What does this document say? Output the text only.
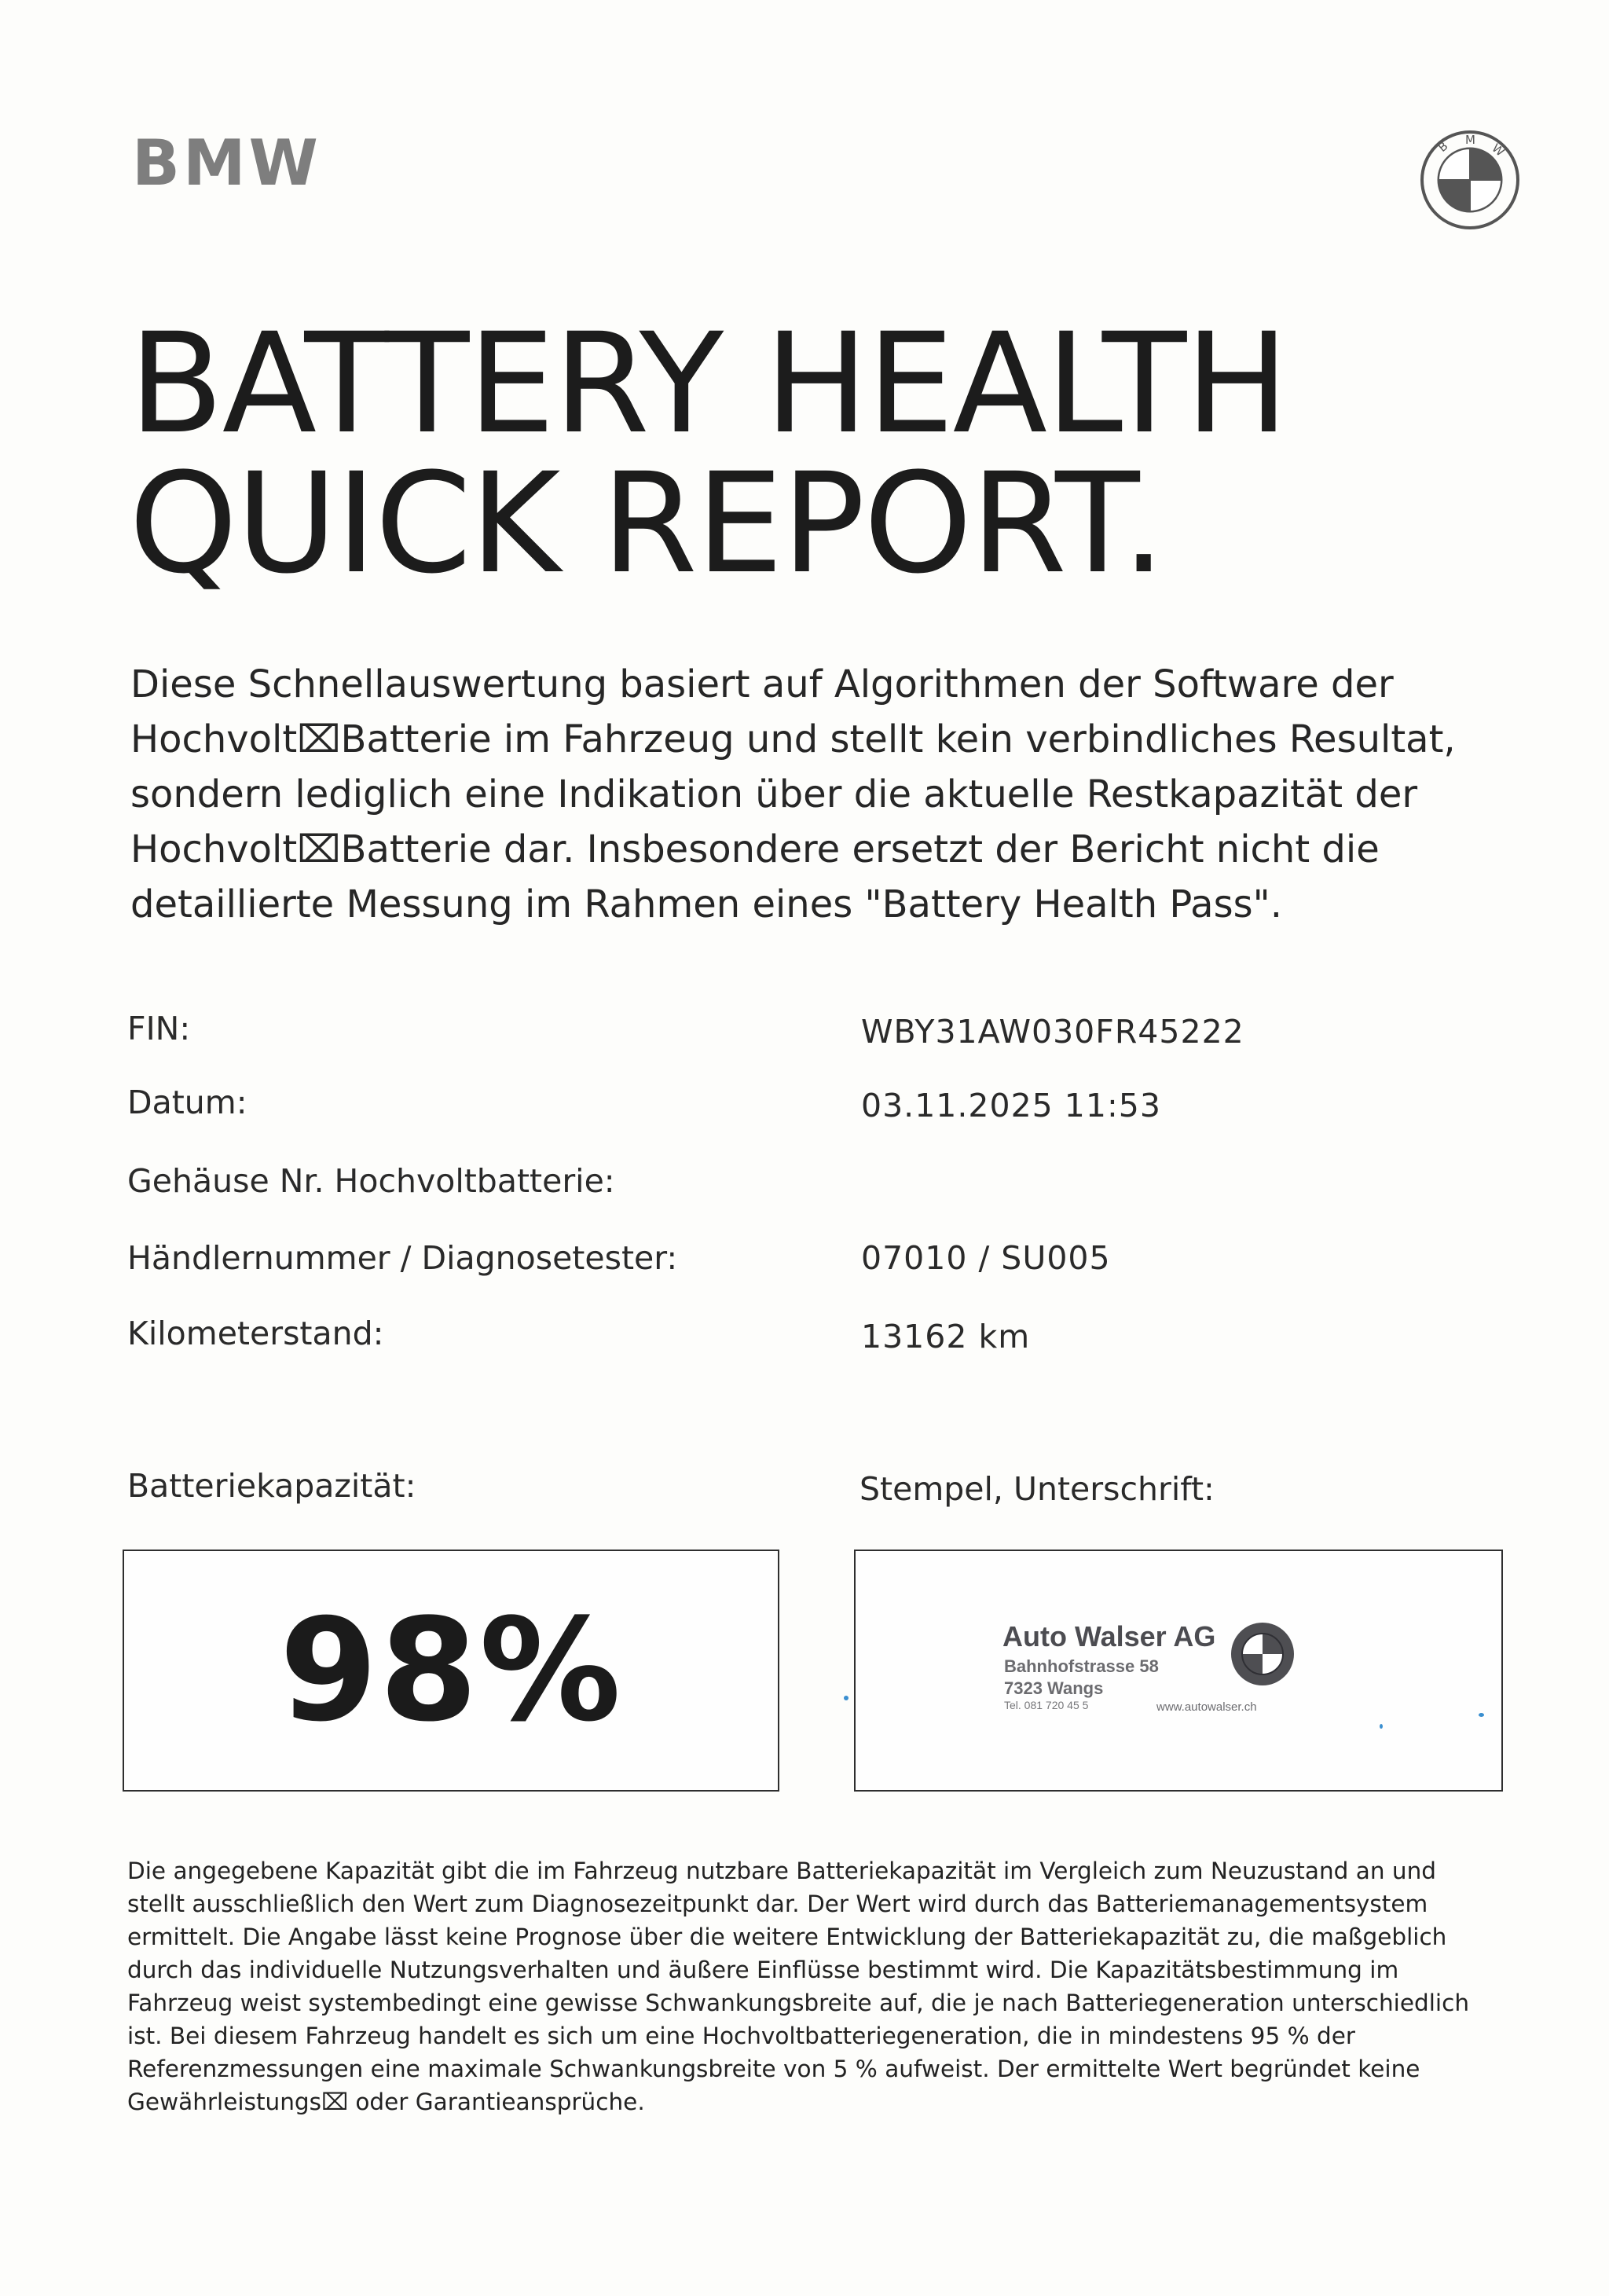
BMW	B M
W
BATTERY HEALTH
QUICK REPORT.

Diese Schnellauswertung basiert auf Algorithmen der Software der Hochvolt⌧Batterie im Fahrzeug und stellt kein verbindliches Resultat, sondern lediglich eine Indikation über die aktuelle Restkapazität der Hochvolt⌧Batterie dar. Insbesondere ersetzt der Bericht nicht die detaillierte Messung im Rahmen eines "Battery Health Pass".

FIN:	WBY31AW030FR45222
Datum:	03.11.2025 11:53
Gehäuse Nr. Hochvoltbatterie:
Händlernummer / Diagnosetester:	07010 / SU005
Kilometerstand:	13162 km
Batteriekapazität:	Stempel, Unterschrift:
98%	Auto Walser AG
Bahnhofstrasse 58
7323 Wangs
Tel. 081 720 45 5	www.autowalser.ch

Die angegebene Kapazität gibt die im Fahrzeug nutzbare Batteriekapazität im Vergleich zum Neuzustand an und stellt ausschließlich den Wert zum Diagnosezeitpunkt dar. Der Wert wird durch das Batteriemanagementsystem ermittelt. Die Angabe lässt keine Prognose über die weitere Entwicklung der Batteriekapazität zu, die maßgeblich durch das individuelle Nutzungsverhalten und äußere Einflüsse bestimmt wird. Die Kapazitätsbestimmung im Fahrzeug weist systembedingt eine gewisse Schwankungsbreite auf, die je nach Batteriegeneration unterschiedlich ist. Bei diesem Fahrzeug handelt es sich um eine Hochvoltbatteriegeneration, die in mindestens 95 % der Referenzmessungen eine maximale Schwankungsbreite von 5 % aufweist. Der ermittelte Wert begründet keine Gewährleistungs⌧ oder Garantieansprüche.
